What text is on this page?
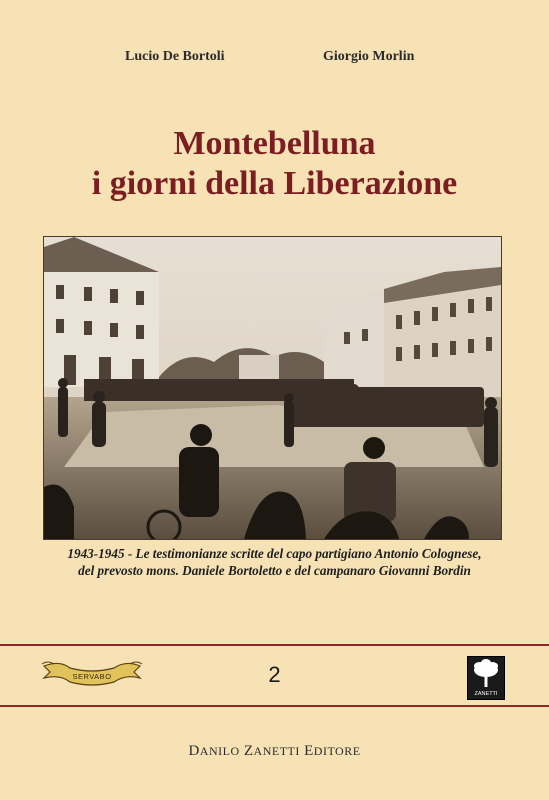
Lucio De Bortoli	Giorgio Morlin
Montebelluna
i giorni della Liberazione
1943-1945 - Le testimonianze scritte del capo partigiano Antonio Colognese,
del prevosto mons. Daniele Bortoletto e del campanaro Giovanni Bordin
SERVABO	2
ZANETTI
DANILO ZANETTI EDITORE
